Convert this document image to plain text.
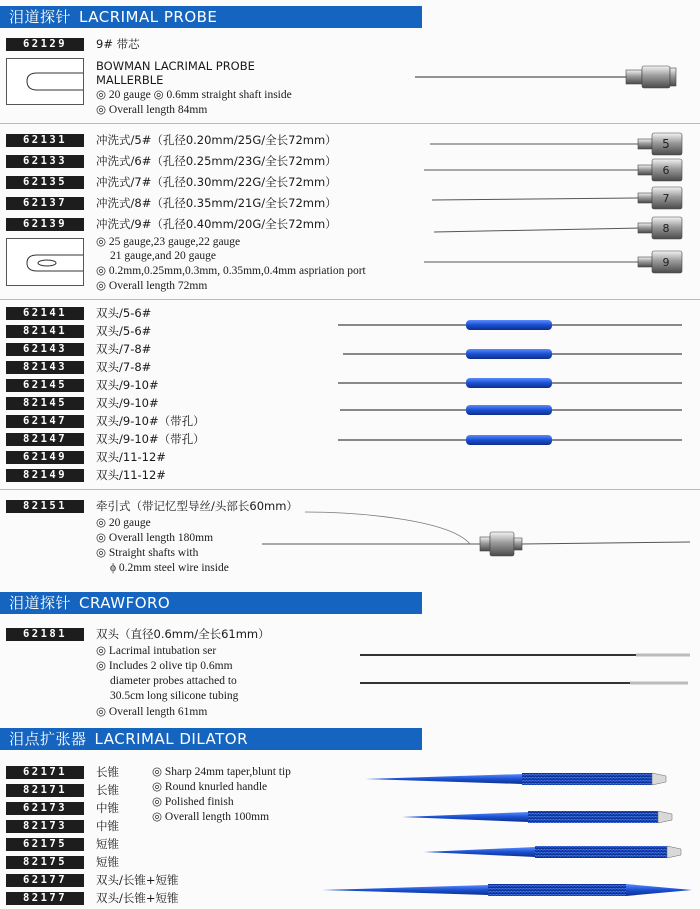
泪道探针 LACRIMAL PROBE
62129	9# 带芯
BOWMAN LACRIMAL PROBE
MALLERBLE
◎ 20 gauge ◎ 0.6mm straight shaft inside
◎ Overall length 84mm
62131	冲洗式/5#（孔径0.20mm/25G/全长72mm）
62133	冲洗式/6#（孔径0.25mm/23G/全长72mm）
62135	冲洗式/7#（孔径0.30mm/22G/全长72mm）
62137	冲洗式/8#（孔径0.35mm/21G/全长72mm）
62139	冲洗式/9#（孔径0.40mm/20G/全长72mm）
◎ 25 gauge,23 gauge,22 gauge
21 gauge,and 20 gauge
◎ 0.2mm,0.25mm,0.3mm, 0.35mm,0.4mm aspriation port
◎ Overall length 72mm
62141	双头/5-6#
82141	双头/5-6#
62143	双头/7-8#
82143	双头/7-8#
62145	双头/9-10#
82145	双头/9-10#
62147	双头/9-10#（带孔）
82147	双头/9-10#（带孔）
62149	双头/11-12#
82149	双头/11-12#
82151	牵引式（带记忆型导丝/头部长60mm）
◎ 20 gauge
◎ Overall length 180mm
◎ Straight shafts with
ϕ 0.2mm steel wire inside
泪道探针 CRAWFORO
62181	双头（直径0.6mm/全长61mm）
◎ Lacrimal intubation ser
◎ Includes 2 olive tip 0.6mm
diameter probes attached to
30.5cm long silicone tubing
◎ Overall length 61mm
泪点扩张器 LACRIMAL DILATOR
62171	长锥
82171	长锥
62173	中锥
82173	中锥
62175	短锥
82175	短锥
62177	双头/长锥+短锥
82177	双头/长锥+短锥
◎ Sharp 24mm taper,blunt tip
◎ Round knurled handle
◎ Polished finish
◎ Overall length 100mm
5
6
7
8
9
